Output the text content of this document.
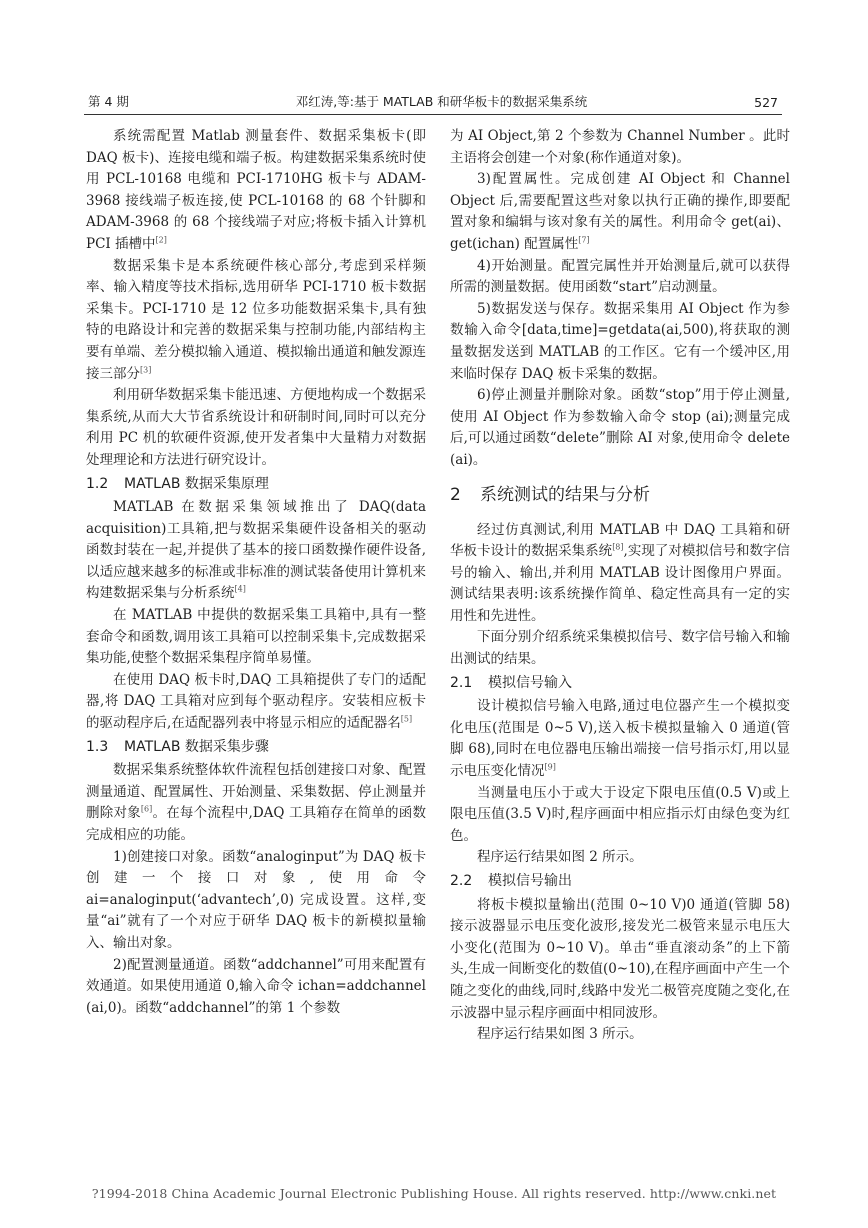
第 4 期	邓红涛,等:基于 MATLAB 和研华板卡的数据采集系统	527

系统需配置 Matlab 测量套件、数据采集板卡(即 DAQ 板卡)、连接电缆和端子板。构建数据采集系统时使用 PCL-10168 电缆和 PCI-1710HG 板卡与 ADAM-3968 接线端子板连接,使 PCL-10168 的 68 个针脚和 ADAM-3968 的 68 个接线端子对应;将板卡插入计算机 PCI 插槽中[2]

数据采集卡是本系统硬件核心部分,考虑到采样频率、输入精度等技术指标,选用研华 PCI-1710 板卡数据采集卡。PCI-1710 是 12 位多功能数据采集卡,具有独特的电路设计和完善的数据采集与控制功能,内部结构主要有单端、差分模拟输入通道、模拟输出通道和触发源连接三部分[3]

利用研华数据采集卡能迅速、方便地构成一个数据采集系统,从而大大节省系统设计和研制时间,同时可以充分利用 PC 机的软硬件资源,使开发者集中大量精力对数据处理理论和方法进行研究设计。

1.2 MATLAB 数据采集原理

MATLAB 在数据采集领域推出了 DAQ(data acquisition)工具箱,把与数据采集硬件设备相关的驱动函数封装在一起,并提供了基本的接口函数操作硬件设备,以适应越来越多的标准或非标准的测试装备使用计算机来构建数据采集与分析系统[4]

在 MATLAB 中提供的数据采集工具箱中,具有一整套命令和函数,调用该工具箱可以控制采集卡,完成数据采集功能,使整个数据采集程序简单易懂。

在使用 DAQ 板卡时,DAQ 工具箱提供了专门的适配器,将 DAQ 工具箱对应到每个驱动程序。安装相应板卡的驱动程序后,在适配器列表中将显示相应的适配器名[5]

1.3 MATLAB 数据采集步骤

数据采集系统整体软件流程包括创建接口对象、配置测量通道、配置属性、开始测量、采集数据、停止测量并删除对象[6]。在每个流程中,DAQ 工具箱存在简单的函数完成相应的功能。

1)创建接口对象。函数“analoginput”为 DAQ 板卡创建一个接口对象,使用命令 ai=analoginput(‘advantech’,0) 完成设置。这样,变量“ai”就有了一个对应于研华 DAQ 板卡的新模拟量输入、输出对象。

2)配置测量通道。函数“addchannel”可用来配置有效通道。如果使用通道 0,输入命令 ichan=addchannel (ai,0)。函数“addchannel”的第 1 个参数

为 AI Object,第 2 个参数为 Channel Number 。此时主语将会创建一个对象(称作通道对象)。

3)配置属性。完成创建 AI Object 和 Channel Object 后,需要配置这些对象以执行正确的操作,即要配置对象和编辑与该对象有关的属性。利用命令 get(ai)、get(ichan) 配置属性[7]

4)开始测量。配置完属性并开始测量后,就可以获得所需的测量数据。使用函数“start”启动测量。

5)数据发送与保存。数据采集用 AI Object 作为参数输入命令[data,time]=getdata(ai,500),将获取的测量数据发送到 MATLAB 的工作区。它有一个缓冲区,用来临时保存 DAQ 板卡采集的数据。

6)停止测量并删除对象。函数“stop”用于停止测量,使用 AI Object 作为参数输入命令 stop (ai);测量完成后,可以通过函数“delete”删除 AI 对象,使用命令 delete (ai)。

2 系统测试的结果与分析

经过仿真测试,利用 MATLAB 中 DAQ 工具箱和研华板卡设计的数据采集系统[8],实现了对模拟信号和数字信号的输入、输出,并利用 MATLAB 设计图像用户界面。测试结果表明:该系统操作简单、稳定性高具有一定的实用性和先进性。

下面分别介绍系统采集模拟信号、数字信号输入和输出测试的结果。

2.1 模拟信号输入

设计模拟信号输入电路,通过电位器产生一个模拟变化电压(范围是 0~5 V),送入板卡模拟量输入 0 通道(管脚 68),同时在电位器电压输出端接一信号指示灯,用以显示电压变化情况[9]

当测量电压小于或大于设定下限电压值(0.5 V)或上限电压值(3.5 V)时,程序画面中相应指示灯由绿色变为红色。

程序运行结果如图 2 所示。

2.2 模拟信号输出

将板卡模拟量输出(范围 0~10 V)0 通道(管脚 58)接示波器显示电压变化波形,接发光二极管来显示电压大小变化(范围为 0~10 V)。单击“垂直滚动条”的上下箭头,生成一间断变化的数值(0~10),在程序画面中产生一个随之变化的曲线,同时,线路中发光二极管亮度随之变化,在示波器中显示程序画面中相同波形。

程序运行结果如图 3 所示。

?1994-2018 China Academic Journal Electronic Publishing House. All rights reserved. http://www.cnki.net
